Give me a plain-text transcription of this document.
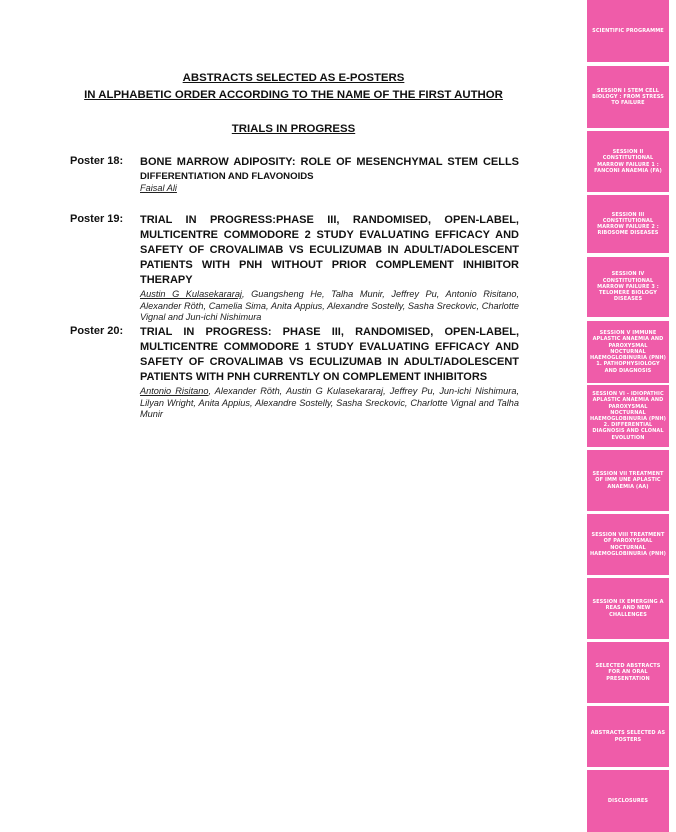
ABSTRACTS SELECTED AS E-POSTERS
IN ALPHABETIC ORDER ACCORDING TO THE NAME OF THE FIRST AUTHOR
TRIALS IN PROGRESS
Poster 18: BONE MARROW ADIPOSITY: ROLE OF MESENCHYMAL STEM CELLS

DIFFERENTIATION AND FLAVONOIDS

Faisal Ali

Poster 19: TRIAL IN PROGRESS:PHASE III, RANDOMISED, OPEN-LABEL, MULTICENTRE COMMODORE 2 STUDY EVALUATING EFFICACY AND SAFETY OF CROVALIMAB VS ECULIZUMAB IN ADULT/ADOLESCENT PATIENTS WITH PNH WITHOUT PRIOR COMPLEMENT INHIBITOR THERAPY

Austin G Kulasekararaj, Guangsheng He, Talha Munir, Jeffrey Pu, Antonio Risitano, Alexander Röth, Camelia Sima, Anita Appius, Alexandre Sostelly, Sasha Sreckovic, Charlotte Vignal and Jun-ichi Nishimura

Poster 20: TRIAL IN PROGRESS: PHASE III, RANDOMISED, OPEN-LABEL, MULTICENTRE COMMODORE 1 STUDY EVALUATING EFFICACY AND SAFETY OF CROVALIMAB VS ECULIZUMAB IN ADULT/ADOLESCENT PATIENTS WITH PNH CURRENTLY ON COMPLEMENT INHIBITORS

Antonio Risitano, Alexander Röth, Austin G Kulasekararaj, Jeffrey Pu, Jun-ichi Nishimura, Lilyan Wright, Anita Appius, Alexandre Sostelly, Sasha Sreckovic, Charlotte Vignal and Talha Munir

SCIENTIFIC PROGRAMME
SESSION I STEM CELL BIOLOGY : FROM STRESS TO FAILURE
SESSION II CONSTITUTIONAL MARROW FAILURE 1 : FANCONI ANAEMIA (FA)
SESSION III CONSTITUTIONAL MARROW FAILURE 2 : RIBOSOME DISEASES
SESSION IV CONSTITUTIONAL MARROW FAILURE 3 : TELOMERE BIOLOGY DISEASES
SESSION V IMMUNE APLASTIC ANAEMIA AND PAROXYSMAL NOCTURNAL HAEMOGLOBINURIA (PNH) 1. PATHOPHYSIOLOGY AND DIAGNOSIS
SESSION VI - IDIOPATHIC APLASTIC ANAEMIA AND PAROXYSMAL NOCTURNAL HAEMOGLOBINURIA (PNH) 2. DIFFERENTIAL DIAGNOSIS AND CLONAL EVOLUTION
SESSION VII TREATMENT OF IMM UNE APLASTIC ANAEMIA (AA)
SESSION VIII TREATMENT OF PAROXYSMAL NOCTURNAL HAEMOGLOBINURIA (PNH)
SESSION IX EMERGING A REAS AND NEW CHALLENGES
SELECTED ABSTRACTS FOR AN ORAL PRESENTATION
ABSTRACTS SELECTED AS POSTERS
DISCLOSURES
